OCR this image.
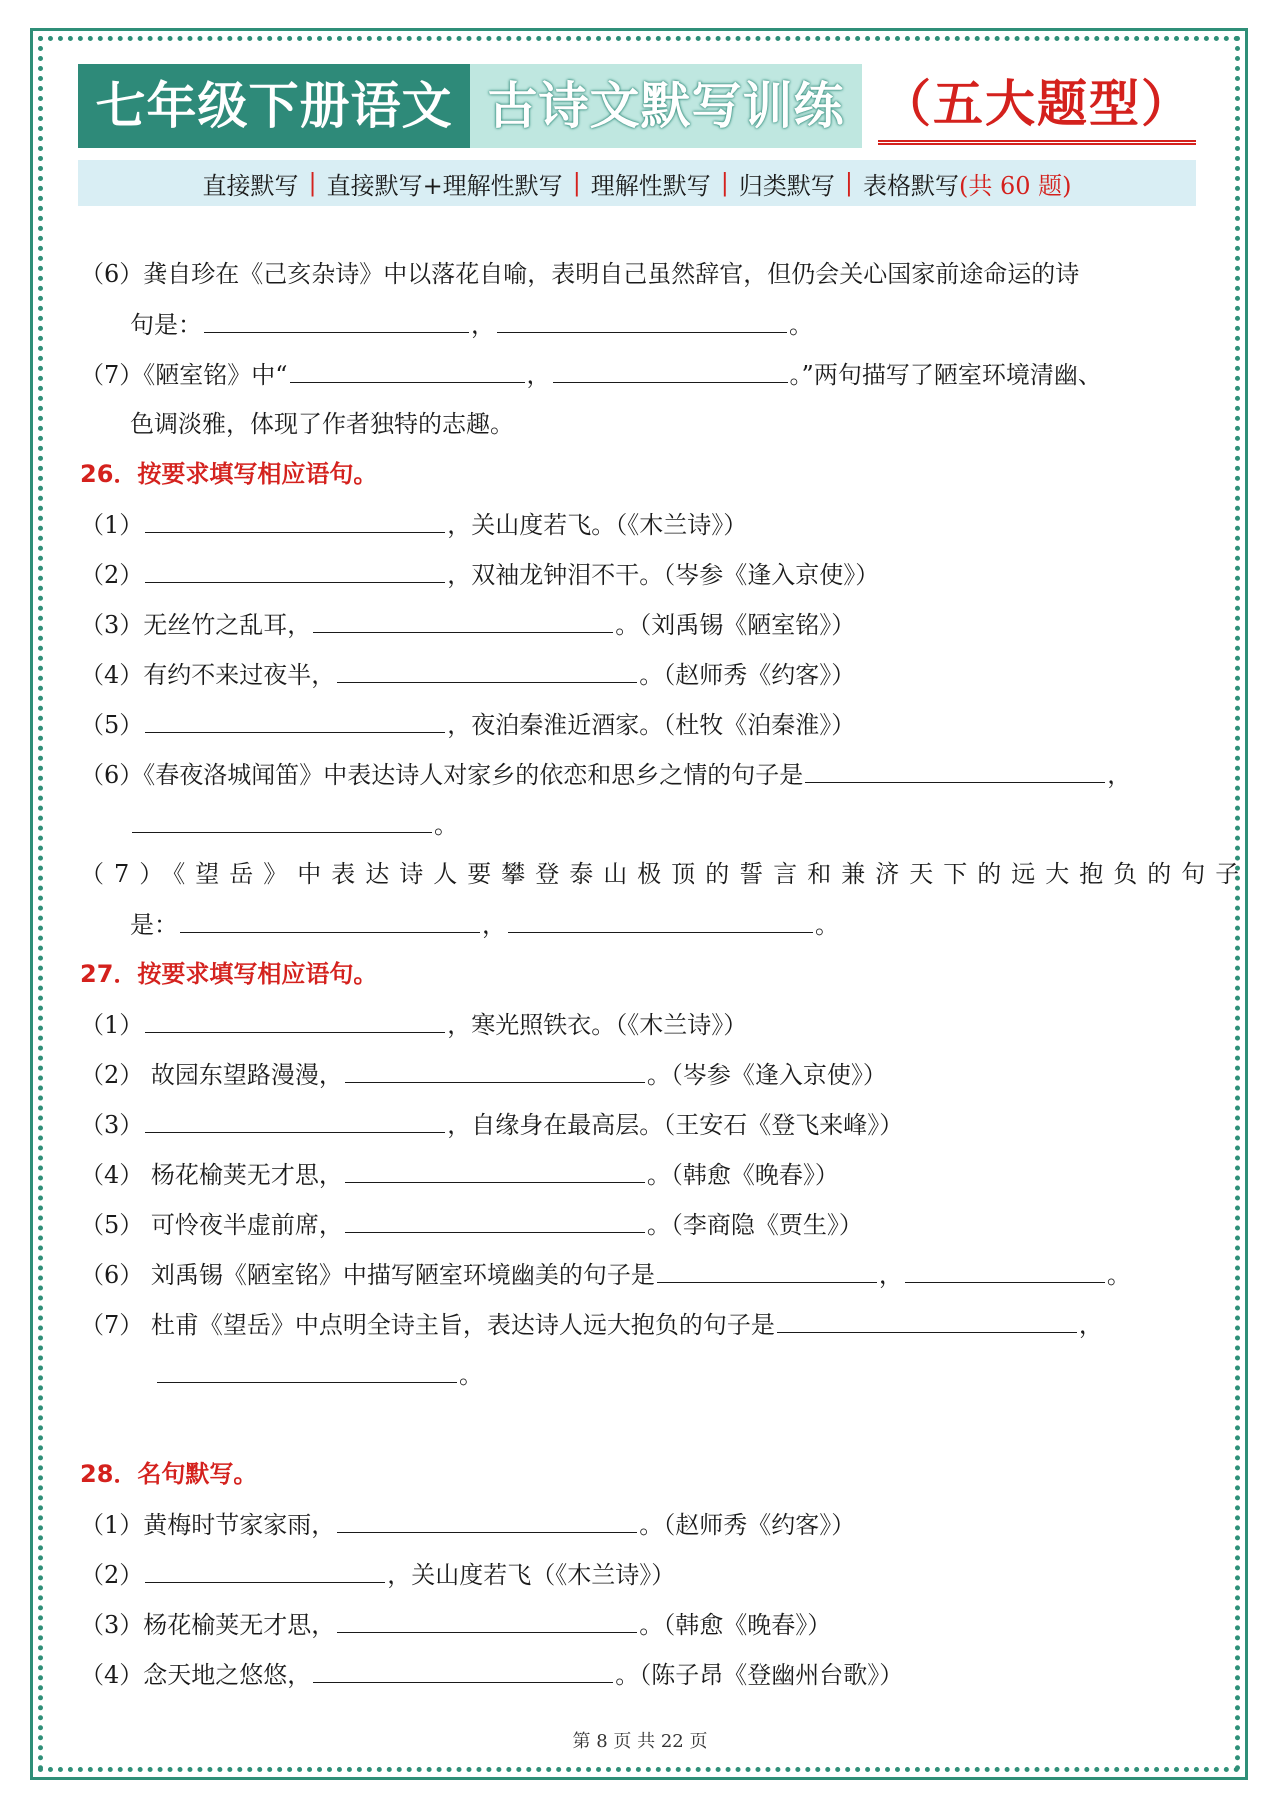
七年级下册语文 古诗文默写训练 （五大题型）
直接默写 | 直接默写+理解性默写 | 理解性默写 | 归类默写 | 表格默写 (共 60 题)
（6）龚自珍在《己亥杂诗》中以落花自喻，表明自己虽然辞官，但仍会关心国家前途命运的诗
句是：	，	。
（7）《陋室铭》中“	，	。”两句描写了陋室环境清幽、
色调淡雅，体现了作者独特的志趣。
26．按要求填写相应语句。
（1）	，关山度若飞。（《木兰诗》）
（2）	，双袖龙钟泪不干。（岑参《逢入京使》）
（3）无丝竹之乱耳，	。（刘禹锡《陋室铭》）
（4）有约不来过夜半，	。（赵师秀《约客》）
（5）	，夜泊秦淮近酒家。（杜牧《泊秦淮》）
（6）《春夜洛城闻笛》中表达诗人对家乡的依恋和思乡之情的句子是	，
。
（7）《望岳》中表达诗人要攀登泰山极顶的誓言和兼济天下的远大抱负的句子
是：	，	。
27．按要求填写相应语句。
（1）	，寒光照铁衣。（《木兰诗》）
（2） 故园东望路漫漫，	。（岑参《逢入京使》）
（3）	，自缘身在最高层。（王安石《登飞来峰》）
（4） 杨花榆荚无才思，	。（韩愈《晚春》）
（5） 可怜夜半虚前席，	。（李商隐《贾生》）
（6） 刘禹锡《陋室铭》中描写陋室环境幽美的句子是	，	。
（7） 杜甫《望岳》中点明全诗主旨，表达诗人远大抱负的句子是	，
。
28．名句默写。
（1）黄梅时节家家雨，	。（赵师秀《约客》）
（2）	，关山度若飞（《木兰诗》）
（3）杨花榆荚无才思，	。（韩愈《晚春》）
（4）念天地之悠悠，	。（陈子昂《登幽州台歌》）
第 8 页 共 22 页
